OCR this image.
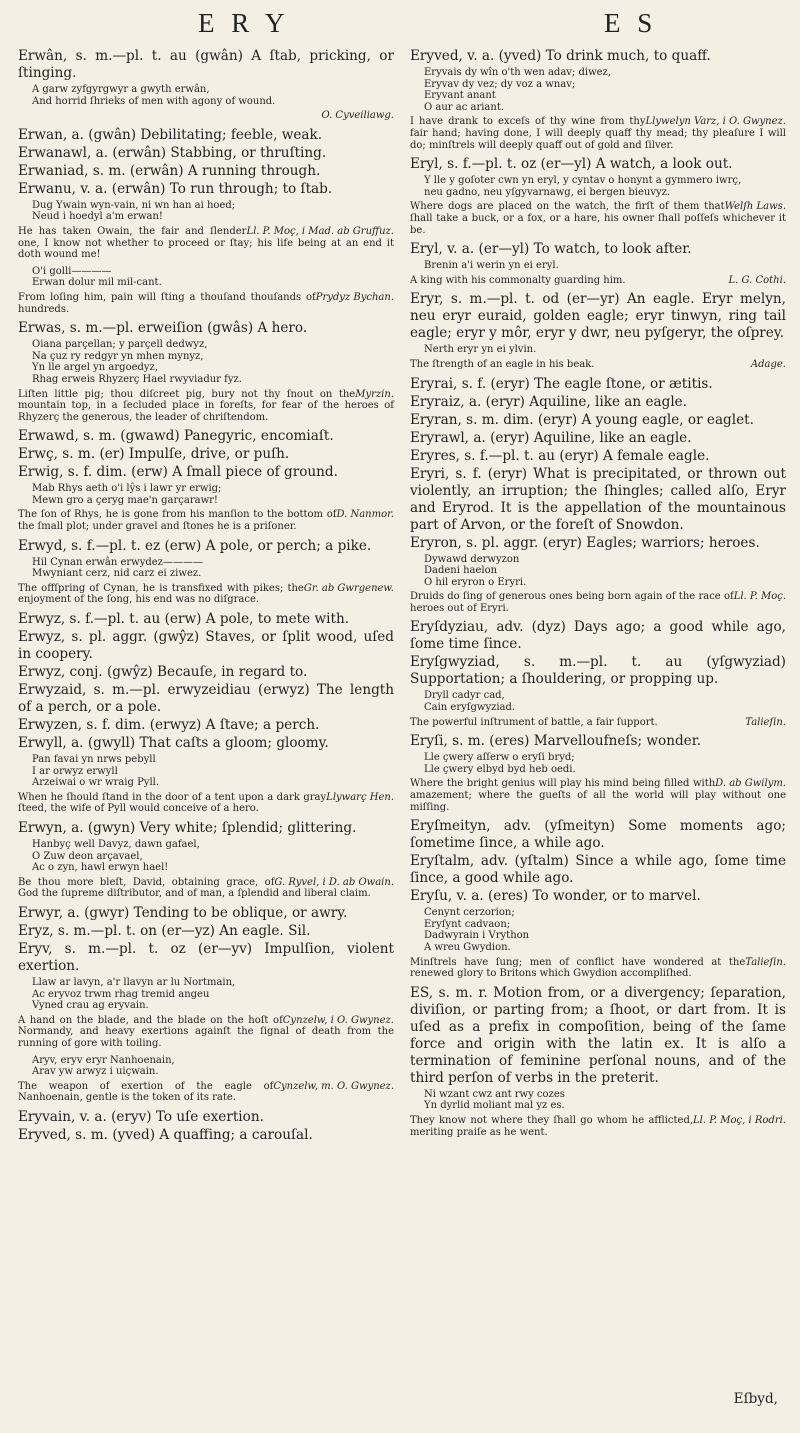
E R Y	E S
Erwân, s. m.—pl. t. au (gwân) A ſtab, pricking, or ſtinging.
A garw zyfgyrgwyr a gwyth erwân,
And horrid ſhrieks of men with agony of wound.
O. Cyveiliawg.
Erwan, a. (gwân) Debilitating; feeble, weak.
Erwanawl, a. (erwân) Stabbing, or thruſting.
Erwaniad, s. m. (erwân) A running through.
Erwanu, v. a. (erwân) To run through; to ſtab.
Dug Ywain wyn-vain, ni wn han ai hoed;
Neud i hoedyl a'm erwan!
Ll. P. Moç, i Mad. ab Gruffuz.
He has taken Owain, the fair and ſlender one, I know not whether to proceed or ſtay; his life being at an end it doth wound me!
O'i golli————
Erwan dolur mil mil-cant.
Prydyz Bychan.
From loſing him, pain will ſting a thouſand thouſands of hundreds.
Erwas, s. m.—pl. erweiſion (gwâs) A hero.
Oiana parçellan; y parçell dedwyz,
Na çuz ry redgyr yn mhen mynyz,
Yn lle argel yn argoedyz,
Rhag erweis Rhyzerç Hael rwyviadur fyz.
Myrzin.
Liſten little pig; thou diſcreet pig, bury not thy ſnout on the mountain top, in a ſecluded place in foreſts, for fear of the heroes of Rhyzerç the generous, the leader of chriſtendom.
Erwawd, s. m. (gwawd) Panegyric, encomiaſt.
Erwç, s. m. (er) Impulſe, drive, or puſh.
Erwig, s. f. dim. (erw) A ſmall piece of ground.
Mab Rhys aeth o'i lŷs i lawr yr erwig;
Mewn gro a çeryg mae'n garçarawr!
D. Nanmor.
The ſon of Rhys, he is gone from his manſion to the bottom of the ſmall plot; under gravel and ſtones he is a priſoner.
Erwyd, s. f.—pl. t. ez (erw) A pole, or perch; a pike.
Hil Cynan erwân erwydez————
Mwyniant cerz, nid carz ei ziwez.
Gr. ab Gwrgenew.
The offſpring of Cynan, he is transfixed with pikes; the enjoyment of the ſong, his end was no diſgrace.
Erwyz, s. f.—pl. t. au (erw) A pole, to mete with.
Erwyz, s. pl. aggr. (gwŷz) Staves, or ſplit wood, uſed in coopery.
Erwyz, conj. (gwŷz) Becauſe, in regard to.
Erwyzaid, s. m.—pl. erwyzeidiau (erwyz) The length of a perch, or a pole.
Erwyzen, s. f. dim. (erwyz) A ſtave; a perch.
Erwyll, a. (gwyll) That caſts a gloom; gloomy.
Pan favai yn nrws pebyll
I ar orwyz erwyll
Arzeiwai o wr wraig Pyll.
Llywarç Hen.
When he ſhould ſtand in the door of a tent upon a dark gray ſteed, the wife of Pyll would conceive of a hero.
Erwyn, a. (gwyn) Very white; ſplendid; glittering.
Hanbyç well Davyz, dawn gafael,
O Zuw deon arçavael,
Ac o zyn, hawl erwyn hael!
G. Ryvel, i D. ab Owain.
Be thou more bleſt, David, obtaining grace, of God the ſupreme diſtributor, and of man, a ſplendid and liberal claim.
Erwyr, a. (gwyr) Tending to be oblique, or awry.
Eryz, s. m.—pl. t. on (er—yz) An eagle. Sil.
Eryv, s. m.—pl. t. oz (er—yv) Impulſion, violent exertion.
Llaw ar lavyn, a'r llavyn ar lu Nortmain,
Ac eryvoz trwm rhag tremid angeu
Vyned crau ag eryvain.
Cynzelw, i O. Gwynez.
A hand on the blade, and the blade on the hoſt of Normandy, and heavy exertions againſt the ſignal of death from the running of gore with toiling.
Aryv, eryv eryr Nanhoenain,
Arav yw arwyz i uiçwain.
Cynzelw, m. O. Gwynez.
The weapon of exertion of the eagle of Nanhoenain, gentle is the token of its rate.
Eryvain, v. a. (eryv) To uſe exertion.
Eryved, s. m. (yved) A quaffing; a carouſal.
Eryved, v. a. (yved) To drink much, to quaff.
Eryvais dy wîn o'th wen adav; diwez,
Eryvav dy vez; dy voz a wnav;
Eryvant anant
O aur ac ariant.
Llywelyn Varz, i O. Gwynez.
I have drank to exceſs of thy wine from thy fair hand; having done, I will deeply quaff thy mead; thy pleaſure I will do; minſtrels will deeply quaff out of gold and ſilver.
Eryl, s. f.—pl. t. oz (er—yl) A watch, a look out.
Y lle y goſoter cwn yn eryl, y cyntav o honynt a gymmero iwrç,
neu gadno, neu yſgyvarnawg, ei bergen bieuvyz.
Welſh Laws.
Where dogs are placed on the watch, the firſt of them that ſhall take a buck, or a fox, or a hare, his owner ſhall poſſeſs whichever it be.
Eryl, v. a. (er—yl) To watch, to look after.
Brenin a'i werin yn ei eryl.
L. G. Cothi.
A king with his commonalty guarding him.
Eryr, s. m.—pl. t. od (er—yr) An eagle. Eryr melyn, neu eryr euraid, golden eagle; eryr tinwyn, ring tail eagle; eryr y môr, eryr y dwr, neu pyſgeryr, the oſprey.
Nerth eryr yn ei ylvin.
Adage.
The ſtrength of an eagle in his beak.
Eryrai, s. f. (eryr) The eagle ſtone, or ætitis.
Eryraiz, a. (eryr) Aquiline, like an eagle.
Eryran, s. m. dim. (eryr) A young eagle, or eaglet.
Eryrawl, a. (eryr) Aquiline, like an eagle.
Eryres, s. f.—pl. t. au (eryr) A female eagle.
Eryri, s. f. (eryr) What is precipitated, or thrown out violently, an irruption; the ſhingles; called alſo, Eryr and Eryrod. It is the appellation of the mountainous part of Arvon, or the foreſt of Snowdon.
Eryron, s. pl. aggr. (eryr) Eagles; warriors; heroes.
Dywawd derwyzon
Dadeni haelon
O hil eryron o Eryri.
Ll. P. Moç.
Druids do ſing of generous ones being born again of the race of heroes out of Eryri.
Eryſdyziau, adv. (dyz) Days ago; a good while ago, ſome time ſince.
Eryſgwyziad, s. m.—pl. t. au (yſgwyziad) Supportation; a ſhouldering, or propping up.
Dryll cadyr cad,
Cain eryſgwyziad.
Talieſin.
The powerful inſtrument of battle, a fair ſupport.
Eryſi, s. m. (eres) Marvelloufneſs; wonder.
Lle çwery aſſerw o eryſi bryd;
Lle çwery elbyd byd heb oedi.
D. ab Gwilym.
Where the bright genius will play his mind being filled with amazement; where the gueſts of all the world will play without one miſſing.
Eryſmeityn, adv. (yſmeityn) Some moments ago; ſometime ſince, a while ago.
Eryſtalm, adv. (yſtalm) Since a while ago, ſome time ſince, a good while ago.
Eryſu, v. a. (eres) To wonder, or to marvel.
Cenynt cerzorion;
Eryſynt cadvaon;
Dadwyrain i Vrython
A wreu Gwydion.
Talieſin.
Minſtrels have ſung; men of conflict have wondered at the renewed glory to Britons which Gwydion accompliſhed.
ES, s. m. r. Motion from, or a divergency; ſeparation, diviſion, or parting from; a ſhoot, or dart from. It is uſed as a prefix in compoſition, being of the ſame force and origin with the latin ex. It is alſo a termination of feminine perſonal nouns, and of the third perſon of verbs in the preterit.
Ni wzant cwz ant rwy cozes
Yn dyrlid moliant mal yz es.
Ll. P. Moç, i Rodri.
They know not where they ſhall go whom he afflicted, meriting praiſe as he went.
Eſbyd,
